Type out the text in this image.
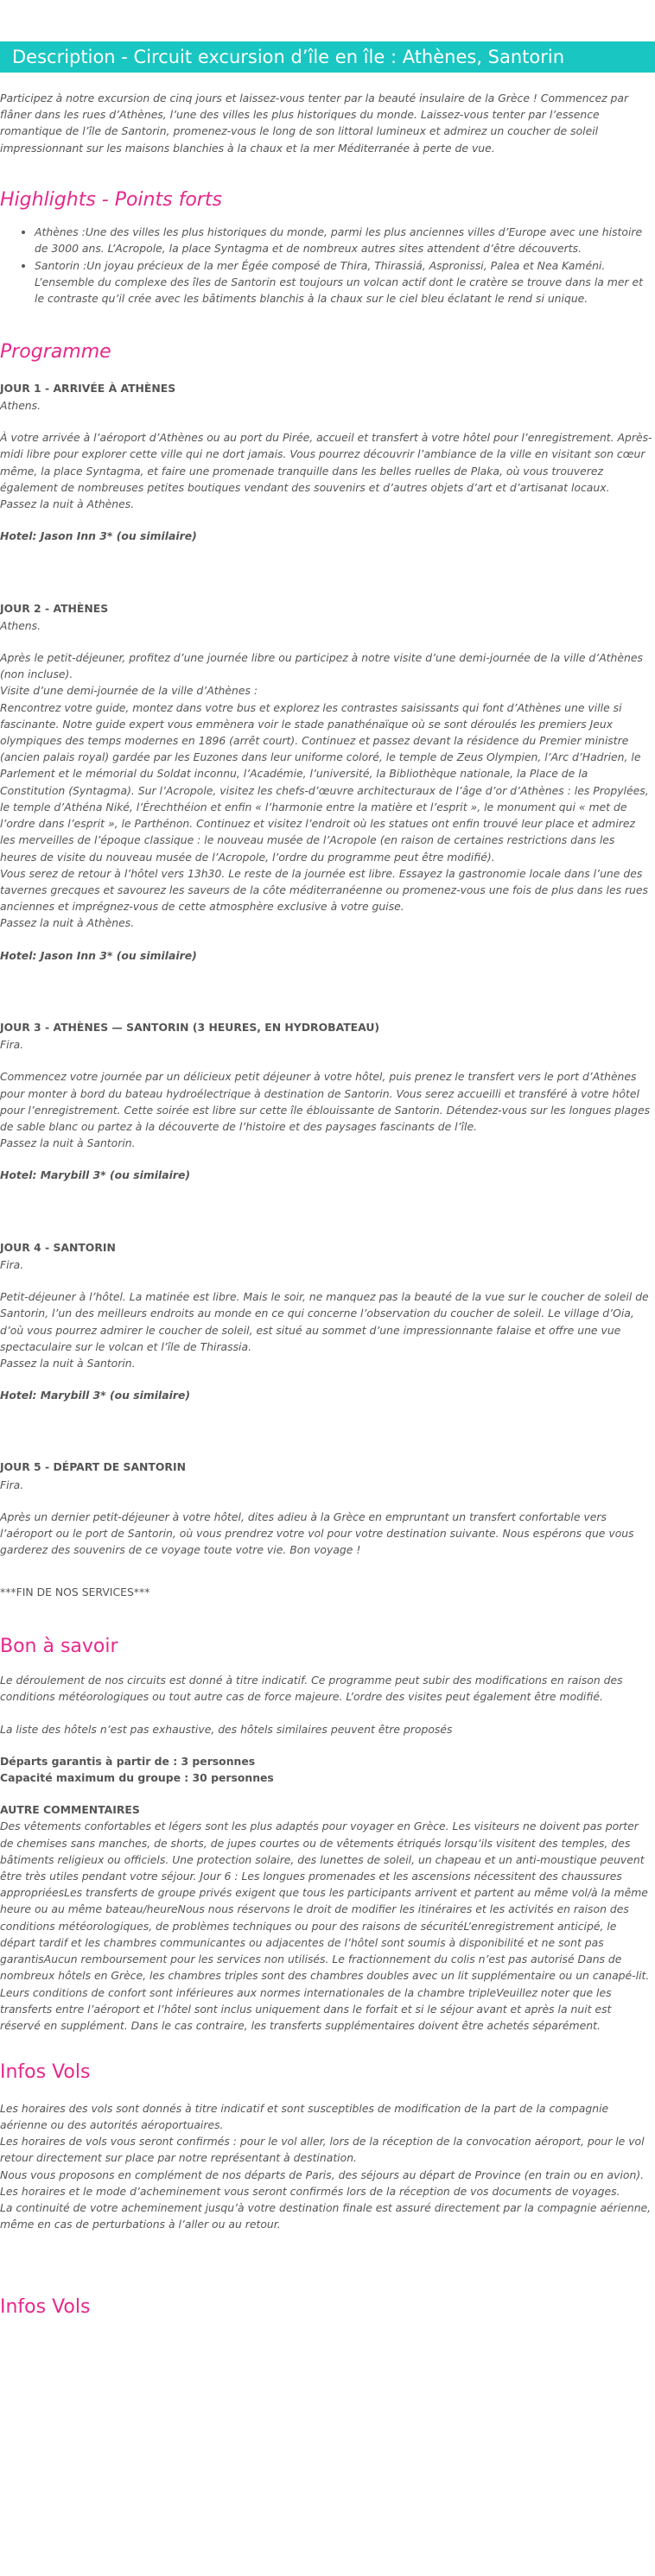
Description - Circuit excursion d’île en île : Athènes, Santorin

Participez à notre excursion de cinq jours et laissez-vous tenter par la beauté insulaire de la Grèce ! Commencez par flâner dans les rues d’Athènes, l’une des villes les plus historiques du monde. Laissez-vous tenter par l’essence romantique de l’île de Santorin, promenez-vous le long de son littoral lumineux et admirez un coucher de soleil impressionnant sur les maisons blanchies à la chaux et la mer Méditerranée à perte de vue.

Highlights - Points forts
• Athènes :Une des villes les plus historiques du monde, parmi les plus anciennes villes d’Europe avec une histoire de 3000 ans. L’Acropole, la place Syntagma et de nombreux autres sites attendent d’être découverts.
• Santorin :Un joyau précieux de la mer Égée composé de Thira, Thirassiá, Aspronissi, Palea et Nea Kaméni. L’ensemble du complexe des îles de Santorin est toujours un volcan actif dont le cratère se trouve dans la mer et le contraste qu’il crée avec les bâtiments blanchis à la chaux sur le ciel bleu éclatant le rend si unique.
Programme
JOUR 1 - ARRIVÉE À ATHÈNES
Athens.
À votre arrivée à l’aéroport d’Athènes ou au port du Pirée, accueil et transfert à votre hôtel pour l’enregistrement. Après-midi libre pour explorer cette ville qui ne dort jamais. Vous pourrez découvrir l’ambiance de la ville en visitant son cœur même, la place Syntagma, et faire une promenade tranquille dans les belles ruelles de Plaka, où vous trouverez également de nombreuses petites boutiques vendant des souvenirs et d’autres objets d’art et d’artisanat locaux.
Passez la nuit à Athènes.
Hotel: Jason Inn 3* (ou similaire)
JOUR 2 - ATHÈNES
Athens.
Après le petit-déjeuner, profitez d’une journée libre ou participez à notre visite d’une demi-journée de la ville d’Athènes (non incluse).
Visite d’une demi-journée de la ville d’Athènes :
Rencontrez votre guide, montez dans votre bus et explorez les contrastes saisissants qui font d’Athènes une ville si fascinante. Notre guide expert vous emmènera voir le stade panathénaïque où se sont déroulés les premiers Jeux olympiques des temps modernes en 1896 (arrêt court). Continuez et passez devant la résidence du Premier ministre (ancien palais royal) gardée par les Euzones dans leur uniforme coloré, le temple de Zeus Olympien, l’Arc d’Hadrien, le Parlement et le mémorial du Soldat inconnu, l’Académie, l’université, la Bibliothèque nationale, la Place de la Constitution (Syntagma). Sur l’Acropole, visitez les chefs-d’œuvre architecturaux de l’âge d’or d’Athènes : les Propylées, le temple d’Athéna Niké, l’Érechthéion et enfin « l’harmonie entre la matière et l’esprit », le monument qui « met de l’ordre dans l’esprit », le Parthénon. Continuez et visitez l’endroit où les statues ont enfin trouvé leur place et admirez les merveilles de l’époque classique : le nouveau musée de l’Acropole (en raison de certaines restrictions dans les heures de visite du nouveau musée de l’Acropole, l’ordre du programme peut être modifié).
Vous serez de retour à l’hôtel vers 13h30. Le reste de la journée est libre. Essayez la gastronomie locale dans l’une des tavernes grecques et savourez les saveurs de la côte méditerranéenne ou promenez-vous une fois de plus dans les rues anciennes et imprégnez-vous de cette atmosphère exclusive à votre guise.
Passez la nuit à Athènes.
Hotel: Jason Inn 3* (ou similaire)
JOUR 3 - ATHÈNES — SANTORIN (3 HEURES, EN HYDROBATEAU)
Fira.
Commencez votre journée par un délicieux petit déjeuner à votre hôtel, puis prenez le transfert vers le port d’Athènes pour monter à bord du bateau hydroélectrique à destination de Santorin. Vous serez accueilli et transféré à votre hôtel pour l’enregistrement. Cette soirée est libre sur cette île éblouissante de Santorin. Détendez-vous sur les longues plages de sable blanc ou partez à la découverte de l’histoire et des paysages fascinants de l’île.
Passez la nuit à Santorin.
Hotel: Marybill 3* (ou similaire)
JOUR 4 - SANTORIN
Fira.
Petit-déjeuner à l’hôtel. La matinée est libre. Mais le soir, ne manquez pas la beauté de la vue sur le coucher de soleil de Santorin, l’un des meilleurs endroits au monde en ce qui concerne l’observation du coucher de soleil. Le village d’Oia, d’où vous pourrez admirer le coucher de soleil, est situé au sommet d’une impressionnante falaise et offre une vue spectaculaire sur le volcan et l’île de Thirassia.
Passez la nuit à Santorin.
Hotel: Marybill 3* (ou similaire)
JOUR 5 - DÉPART DE SANTORIN
Fira.
Après un dernier petit-déjeuner à votre hôtel, dites adieu à la Grèce en empruntant un transfert confortable vers l’aéroport ou le port de Santorin, où vous prendrez votre vol pour votre destination suivante. Nous espérons que vous garderez des souvenirs de ce voyage toute votre vie. Bon voyage !
***FIN DE NOS SERVICES***
Bon à savoir

Le déroulement de nos circuits est donné à titre indicatif. Ce programme peut subir des modifications en raison des conditions météorologiques ou tout autre cas de force majeure. L’ordre des visites peut également être modifié.

La liste des hôtels n’est pas exhaustive, des hôtels similaires peuvent être proposés

Départs garantis à partir de : 3 personnes
Capacité maximum du groupe : 30 personnes
AUTRE COMMENTAIRES
Des vêtements confortables et légers sont les plus adaptés pour voyager en Grèce. Les visiteurs ne doivent pas porter de chemises sans manches, de shorts, de jupes courtes ou de vêtements étriqués lorsqu’ils visitent des temples, des bâtiments religieux ou officiels. Une protection solaire, des lunettes de soleil, un chapeau et un anti-moustique peuvent être très utiles pendant votre séjour. Jour 6 : Les longues promenades et les ascensions nécessitent des chaussures appropriéesLes transferts de groupe privés exigent que tous les participants arrivent et partent au même vol/à la même heure ou au même bateau/heureNous nous réservons le droit de modifier les itinéraires et les activités en raison des conditions météorologiques, de problèmes techniques ou pour des raisons de sécuritéL’enregistrement anticipé, le départ tardif et les chambres communicantes ou adjacentes de l’hôtel sont soumis à disponibilité et ne sont pas garantisAucun remboursement pour les services non utilisés. Le fractionnement du colis n’est pas autorisé Dans de nombreux hôtels en Grèce, les chambres triples sont des chambres doubles avec un lit supplémentaire ou un canapé-lit. Leurs conditions de confort sont inférieures aux normes internationales de la chambre tripleVeuillez noter que les transferts entre l’aéroport et l’hôtel sont inclus uniquement dans le forfait et si le séjour avant et après la nuit est réservé en supplément. Dans le cas contraire, les transferts supplémentaires doivent être achetés séparément.
Infos Vols
Les horaires des vols sont donnés à titre indicatif et sont susceptibles de modification de la part de la compagnie aérienne ou des autorités aéroportuaires.
Les horaires de vols vous seront confirmés : pour le vol aller, lors de la réception de la convocation aéroport, pour le vol retour directement sur place par notre représentant à destination.
Nous vous proposons en complément de nos départs de Paris, des séjours au départ de Province (en train ou en avion).
Les horaires et le mode d’acheminement vous seront confirmés lors de la réception de vos documents de voyages.
La continuité de votre acheminement jusqu’à votre destination finale est assuré directement par la compagnie aérienne, même en cas de perturbations à l’aller ou au retour.
Infos Vols
